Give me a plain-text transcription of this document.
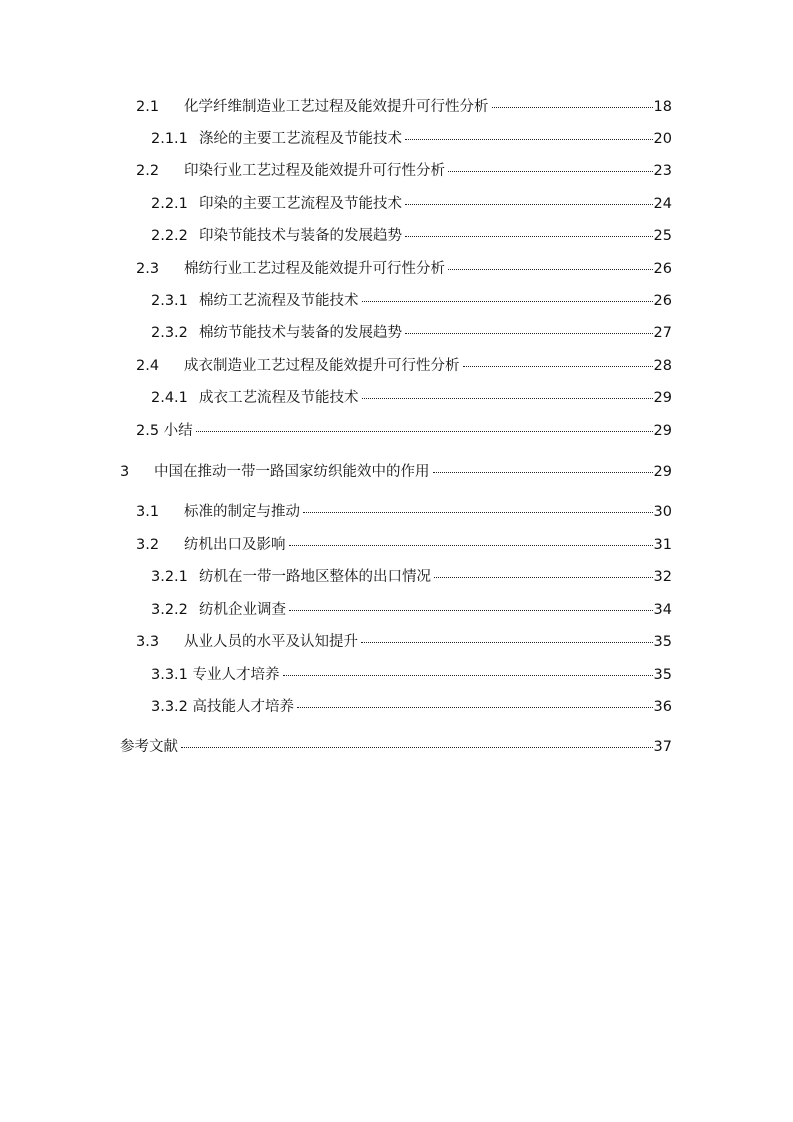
2.1	化学纤维制造业工艺过程及能效提升可行性分析	18
2.1.1 涤纶的主要工艺流程及节能技术	20
2.2	印染行业工艺过程及能效提升可行性分析	23
2.2.1 印染的主要工艺流程及节能技术	24
2.2.2 印染节能技术与装备的发展趋势	25
2.3	棉纺行业工艺过程及能效提升可行性分析	26
2.3.1 棉纺工艺流程及节能技术	26
2.3.2 棉纺节能技术与装备的发展趋势	27
2.4	成衣制造业工艺过程及能效提升可行性分析	28
2.4.1 成衣工艺流程及节能技术	29
2.5 小结	29
3	中国在推动一带一路国家纺织能效中的作用	29
3.1	标准的制定与推动	30
3.2	纺机出口及影响	31
3.2.1 纺机在一带一路地区整体的出口情况	32
3.2.2 纺机企业调查	34
3.3	从业人员的水平及认知提升	35
3.3.1 专业人才培养	35
3.3.2 高技能人才培养	36
参考文献	37
